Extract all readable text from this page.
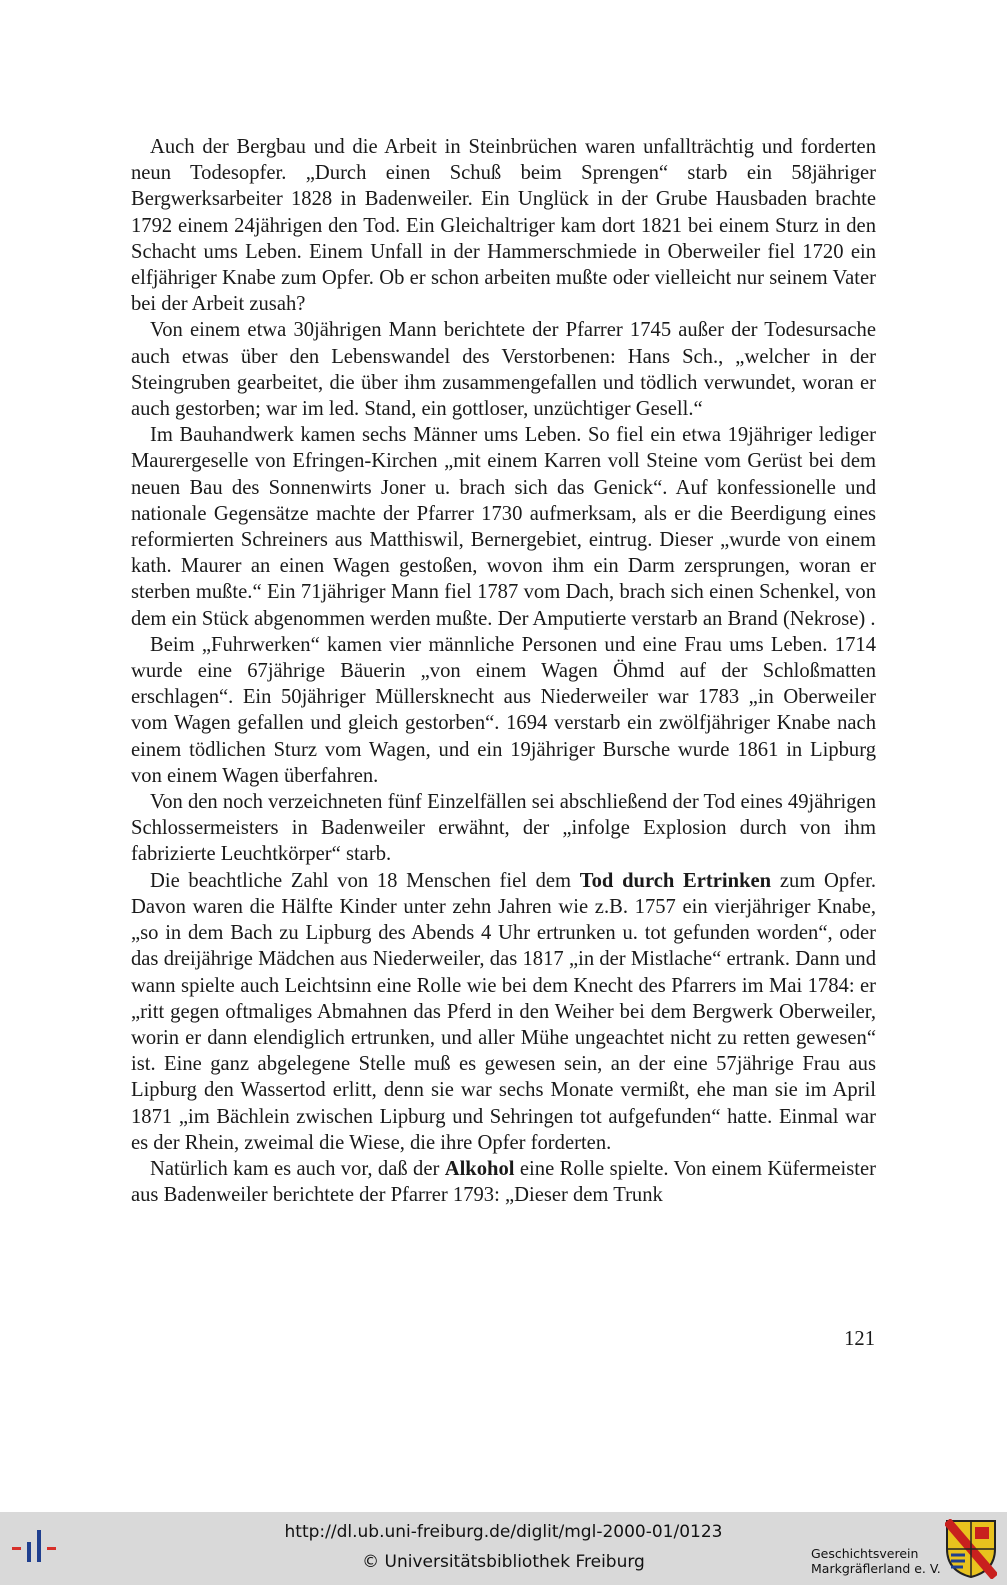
Auch der Bergbau und die Arbeit in Steinbrüchen waren unfallträchtig und forderten neun Todesopfer. „Durch einen Schuß beim Sprengen“ starb ein 58jähriger Bergwerksarbeiter 1828 in Badenweiler. Ein Unglück in der Grube Hausbaden brachte 1792 einem 24jährigen den Tod. Ein Gleichaltriger kam dort 1821 bei einem Sturz in den Schacht ums Leben. Einem Unfall in der Hammerschmiede in Oberweiler fiel 1720 ein elfjähriger Knabe zum Opfer. Ob er schon arbeiten mußte oder vielleicht nur seinem Vater bei der Arbeit zusah?

Von einem etwa 30jährigen Mann berichtete der Pfarrer 1745 außer der Todesursache auch etwas über den Lebenswandel des Verstorbenen: Hans Sch., „welcher in der Steingruben gearbeitet, die über ihm zusammengefallen und tödlich verwundet, woran er auch gestorben; war im led. Stand, ein gottloser, unzüchtiger Gesell.“

Im Bauhandwerk kamen sechs Männer ums Leben. So fiel ein etwa 19jähriger lediger Maurergeselle von Efringen-Kirchen „mit einem Karren voll Steine vom Gerüst bei dem neuen Bau des Sonnenwirts Joner u. brach sich das Genick“. Auf konfessionelle und nationale Gegensätze machte der Pfarrer 1730 aufmerksam, als er die Beerdigung eines reformierten Schreiners aus Matthiswil, Bernergebiet, eintrug. Dieser „wurde von einem kath. Maurer an einen Wagen gestoßen, wovon ihm ein Darm zersprungen, woran er sterben mußte.“ Ein 71jähriger Mann fiel 1787 vom Dach, brach sich einen Schenkel, von dem ein Stück abgenommen werden mußte. Der Amputierte verstarb an Brand (Nekrose) .

Beim „Fuhrwerken“ kamen vier männliche Personen und eine Frau ums Leben. 1714 wurde eine 67jährige Bäuerin „von einem Wagen Öhmd auf der Schloßmatten erschlagen“. Ein 50jähriger Müllersknecht aus Niederweiler war 1783 „in Oberweiler vom Wagen gefallen und gleich gestorben“. 1694 verstarb ein zwölfjähriger Knabe nach einem tödlichen Sturz vom Wagen, und ein 19jähriger Bursche wurde 1861 in Lipburg von einem Wagen überfahren.

Von den noch verzeichneten fünf Einzelfällen sei abschließend der Tod eines 49jährigen Schlossermeisters in Badenweiler erwähnt, der „infolge Explosion durch von ihm fabrizierte Leuchtkörper“ starb.

Die beachtliche Zahl von 18 Menschen fiel dem Tod durch Ertrinken zum Opfer. Davon waren die Hälfte Kinder unter zehn Jahren wie z.B. 1757 ein vierjähriger Knabe, „so in dem Bach zu Lipburg des Abends 4 Uhr ertrunken u. tot gefunden worden“, oder das dreijährige Mädchen aus Niederweiler, das 1817 „in der Mistlache“ ertrank. Dann und wann spielte auch Leichtsinn eine Rolle wie bei dem Knecht des Pfarrers im Mai 1784: er „ritt gegen oftmaliges Abmahnen das Pferd in den Weiher bei dem Bergwerk Oberweiler, worin er dann elendiglich ertrunken, und aller Mühe ungeachtet nicht zu retten gewesen“ ist. Eine ganz abgelegene Stelle muß es gewesen sein, an der eine 57jährige Frau aus Lipburg den Wassertod erlitt, denn sie war sechs Monate vermißt, ehe man sie im April 1871 „im Bächlein zwischen Lipburg und Sehringen tot aufgefunden“ hatte. Einmal war es der Rhein, zweimal die Wiese, die ihre Opfer forderten.

Natürlich kam es auch vor, daß der Alkohol eine Rolle spielte. Von einem Küfermeister aus Badenweiler berichtete der Pfarrer 1793: „Dieser dem Trunk

121
http://dl.ub.uni-freiburg.de/diglit/mgl-2000-01/0123
© Universitätsbibliothek Freiburg	Geschichtsverein
Markgräflerland e. V.
